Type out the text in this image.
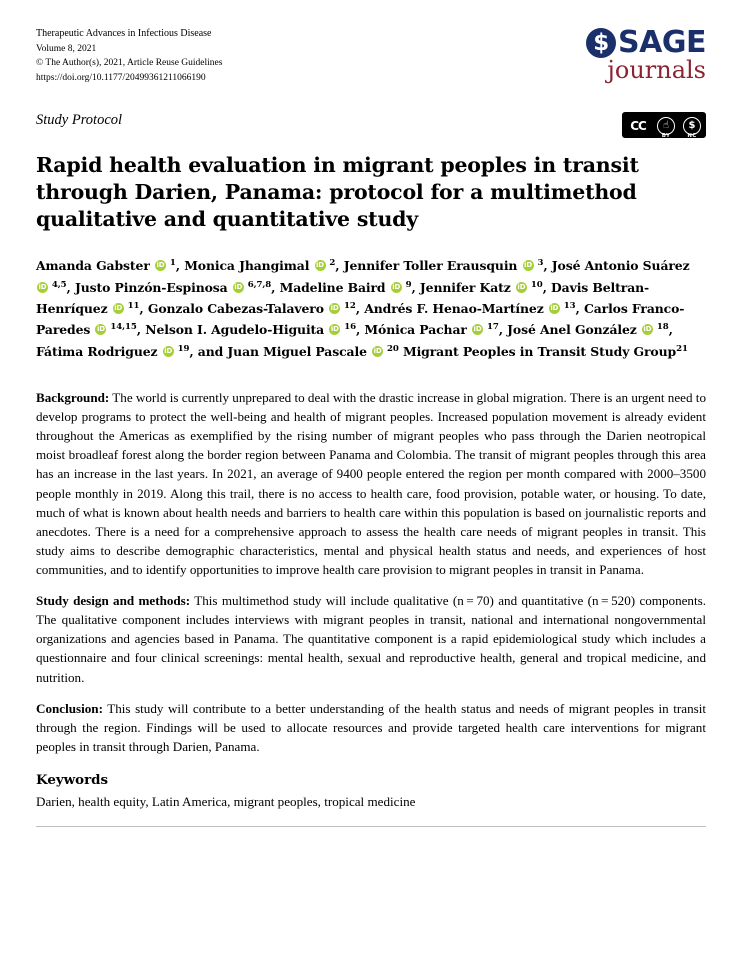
Therapeutic Advances in Infectious Disease
Volume 8, 2021
© The Author(s), 2021, Article Reuse Guidelines
https://doi.org/10.1177/20499361211066190
$ SAGE
journals
Study Protocol	CC	☝
BY
$
NC
Rapid health evaluation in migrant peoples in transit through Darien, Panama: protocol for a multimethod qualitative and quantitative study
Amanda Gabster iD $^1$, Monica Jhangimal iD $^2$, Jennifer Toller Erausquin iD $^3$, José Antonio Suárez iD $^{4,5}$, Justo Pinzón-Espinosa iD $^{6,7,8}$, Madeline Baird iD $^9$, Jennifer Katz iD $^{10}$, Davis Beltran-Henríquez iD $^{11}$, Gonzalo Cabezas-Talavero iD $^{12}$, Andrés F. Henao-Martínez iD $^{13}$, Carlos Franco-Paredes iD $^{14,15}$, Nelson I. Agudelo-Higuita iD $^{16}$, Mónica Pachar iD $^{17}$, José Anel González iD $^{18}$, Fátima Rodriguez iD $^{19}$, and Juan Miguel Pascale iD $^{20}$ Migrant Peoples in Transit Study Group$^{21}$

Background: The world is currently unprepared to deal with the drastic increase in global migration. There is an urgent need to develop programs to protect the well-being and health of migrant peoples. Increased population movement is already evident throughout the Americas as exemplified by the rising number of migrant peoples who pass through the Darien neotropical moist broadleaf forest along the border region between Panama and Colombia. The transit of migrant peoples through this area has an increase in the last years. In 2021, an average of 9400 people entered the region per month compared with 2000–3500 people monthly in 2019. Along this trail, there is no access to health care, food provision, potable water, or housing. To date, much of what is known about health needs and barriers to health care within this population is based on journalistic reports and anecdotes. There is a need for a comprehensive approach to assess the health care needs of migrant peoples in transit. This study aims to describe demographic characteristics, mental and physical health status and needs, and experiences of host communities, and to identify opportunities to improve health care provision to migrant peoples in transit in Panama.

Study design and methods: This multimethod study will include qualitative (n = 70) and quantitative (n = 520) components. The qualitative component includes interviews with migrant peoples in transit, national and international nongovernmental organizations and agencies based in Panama. The quantitative component is a rapid epidemiological study which includes a questionnaire and four clinical screenings: mental health, sexual and reproductive health, general and tropical medicine, and nutrition.

Conclusion: This study will contribute to a better understanding of the health status and needs of migrant peoples in transit through the region. Findings will be used to allocate resources and provide targeted health care interventions for migrant peoples in transit through Darien, Panama.

Keywords
Darien, health equity, Latin America, migrant peoples, tropical medicine
